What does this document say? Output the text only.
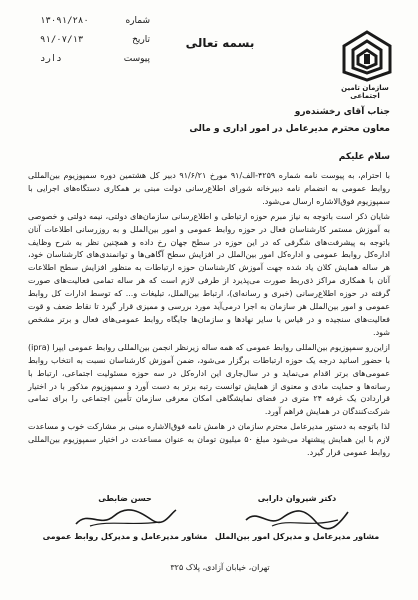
شماره
۱۳۰۹۱/۲۸۰
تاریخ
۹۱/۰۷/۱۳
پیوست
دارد
بسمه تعالی
سازمان تامین اجتماعی
جناب آقای رخشنده‌رو
معاون محترم مدیرعامل در امور اداری و مالی
سلام علیکم

با احترام، به پیوست نامه شماره ۴۲۵۹-الف/۹۱ مورخ ۹۱/۶/۲۱ دبیر کل هشتمین دوره سمپوزیوم بین‌المللی روابط عمومی به انضمام نامه دبیرخانه شورای اطلاع‌رسانی دولت مبنی بر همکاری دستگاه‌های اجرایی با سمپوزیوم فوق‌الاشاره ارسال می‌شود.

شایان ذکر است باتوجه به نیاز مبرم حوزه ارتباطی و اطلاع‌رسانی سازمان‌های دولتی، نیمه دولتی و خصوصی به آموزش مستمر کارشناسان فعال در حوزه روابط عمومی و امور بین‌الملل و به روزرسانی اطلاعات آنان باتوجه به پیشرفت‌های شگرفی که در این حوزه در سطح جهان رخ داده و همچنین نظر به شرح وظایف اداره‌کل روابط عمومی و اداره‌کل امور بین‌الملل در افزایش سطح آگاهی‌ها و توانمندی‌های کارشناسان خود، هر ساله همایش کلان یاد شده جهت آموزش کارشناسان حوزه ارتباطات به منظور افزایش سطح اطلاعات آنان با همکاری مراکز ذی‌ربط صورت می‌پذیرد از طرفی لازم است که هر ساله تمامی فعالیت‌های صورت گرفته در حوزه اطلاع‌رسانی (خبری و رسانه‌ای)، ارتباط بین‌الملل، تبلیغات و... که توسط ادارات کل روابط عمومی و امور بین‌الملل هر سازمان به اجرا درمی‌آید مورد بررسی و ممیزی قرار گیرد تا نقاط ضعف و قوت فعالیت‌های سنجیده و در قیاس با سایر نهادها و سازمان‌ها جایگاه روابط عمومی‌های فعال و برتر مشخص شود.

ازاین‌رو سمپوزیوم بین‌المللی روابط عمومی که همه ساله زیرنظر انجمن بین‌المللی روابط عمومی ایپرا (ipra) با حضور اساتید درجه یک حوزه ارتباطات برگزار می‌شود، ضمن آموزش کارشناسان نسبت به انتخاب روابط عمومی‌های برتر اقدام می‌نماید و در سال‌جاری این اداره‌کل در سه حوزه مسئولیت اجتماعی، ارتباط با رسانه‌ها و حمایت مادی و معنوی از همایش توانست رتبه برتر به دست آورد و سمپوزیوم مذکور با در اختیار قراردادن یک غرفه ۲۴ متری در فضای نمایشگاهی امکان معرفی سازمان تأمین اجتماعی را برای تمامی شرکت‌کنندگان در همایش فراهم آورد.

لذا باتوجه به دستور مدیرعامل محترم سازمان در هامش نامه فوق‌الاشاره مبنی بر مشارکت خوب و مساعدت لازم با این همایش پیشنهاد می‌شود مبلغ ۵۰ میلیون تومان به عنوان مساعدت در اختیار سمپوزیوم بین‌المللی روابط عمومی قرار گیرد.

حسن ضابطی
مشاور مدیرعامل و مدیرکل روابط عمومی
دکتر شیروان دارابی
مشاور مدیرعامل و مدیرکل امور بین‌الملل
تهران، خیابان آزادی، پلاک ۳۲۵
